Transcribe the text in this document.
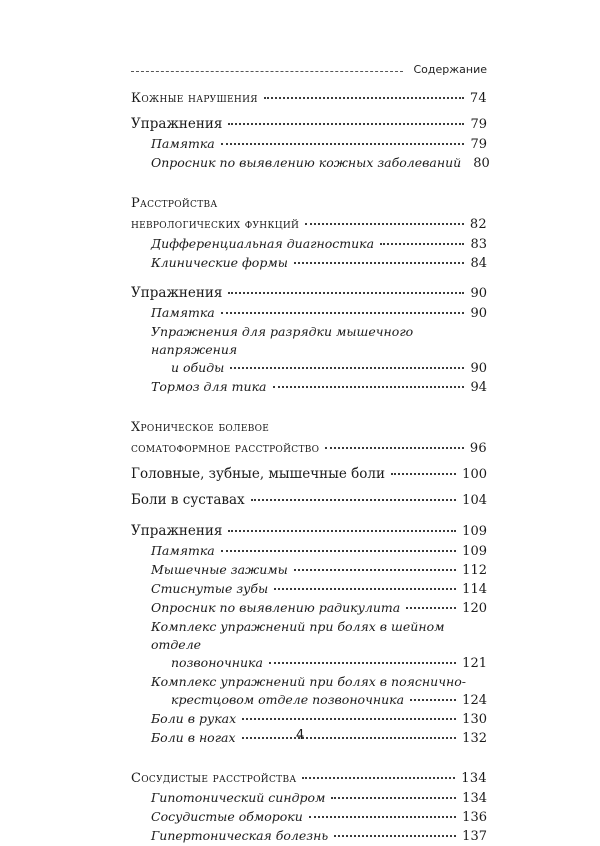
Содержание
Кожные нарушения	74
Упражнения	79
Памятка	79
Опросник по выявлению кожных заболеваний 80
Расстройства
неврологических функций	82
Дифференциальная диагностика	83
Клинические формы	84
Упражнения	90
Памятка	90
Упражнения для разрядки мышечного напряжения
и обиды	90
Тормоз для тика	94
Хроническое болевое
соматоформное расстройство	96
Головные, зубные, мышечные боли	100
Боли в суставах	104
Упражнения	109
Памятка	109
Мышечные зажимы	112
Стиснутые зубы	114
Опросник по выявлению радикулита	120
Комплекс упражнений при болях в шейном отделе
позвоночника	121
Комплекс упражнений при болях в пояснично-
крестцовом отделе позвоночника	124
Боли в руках	130
Боли в ногах	132
Сосудистые расстройства	134
Гипотонический синдром	134
Сосудистые обмороки	136
Гипертоническая болезнь	137
4
